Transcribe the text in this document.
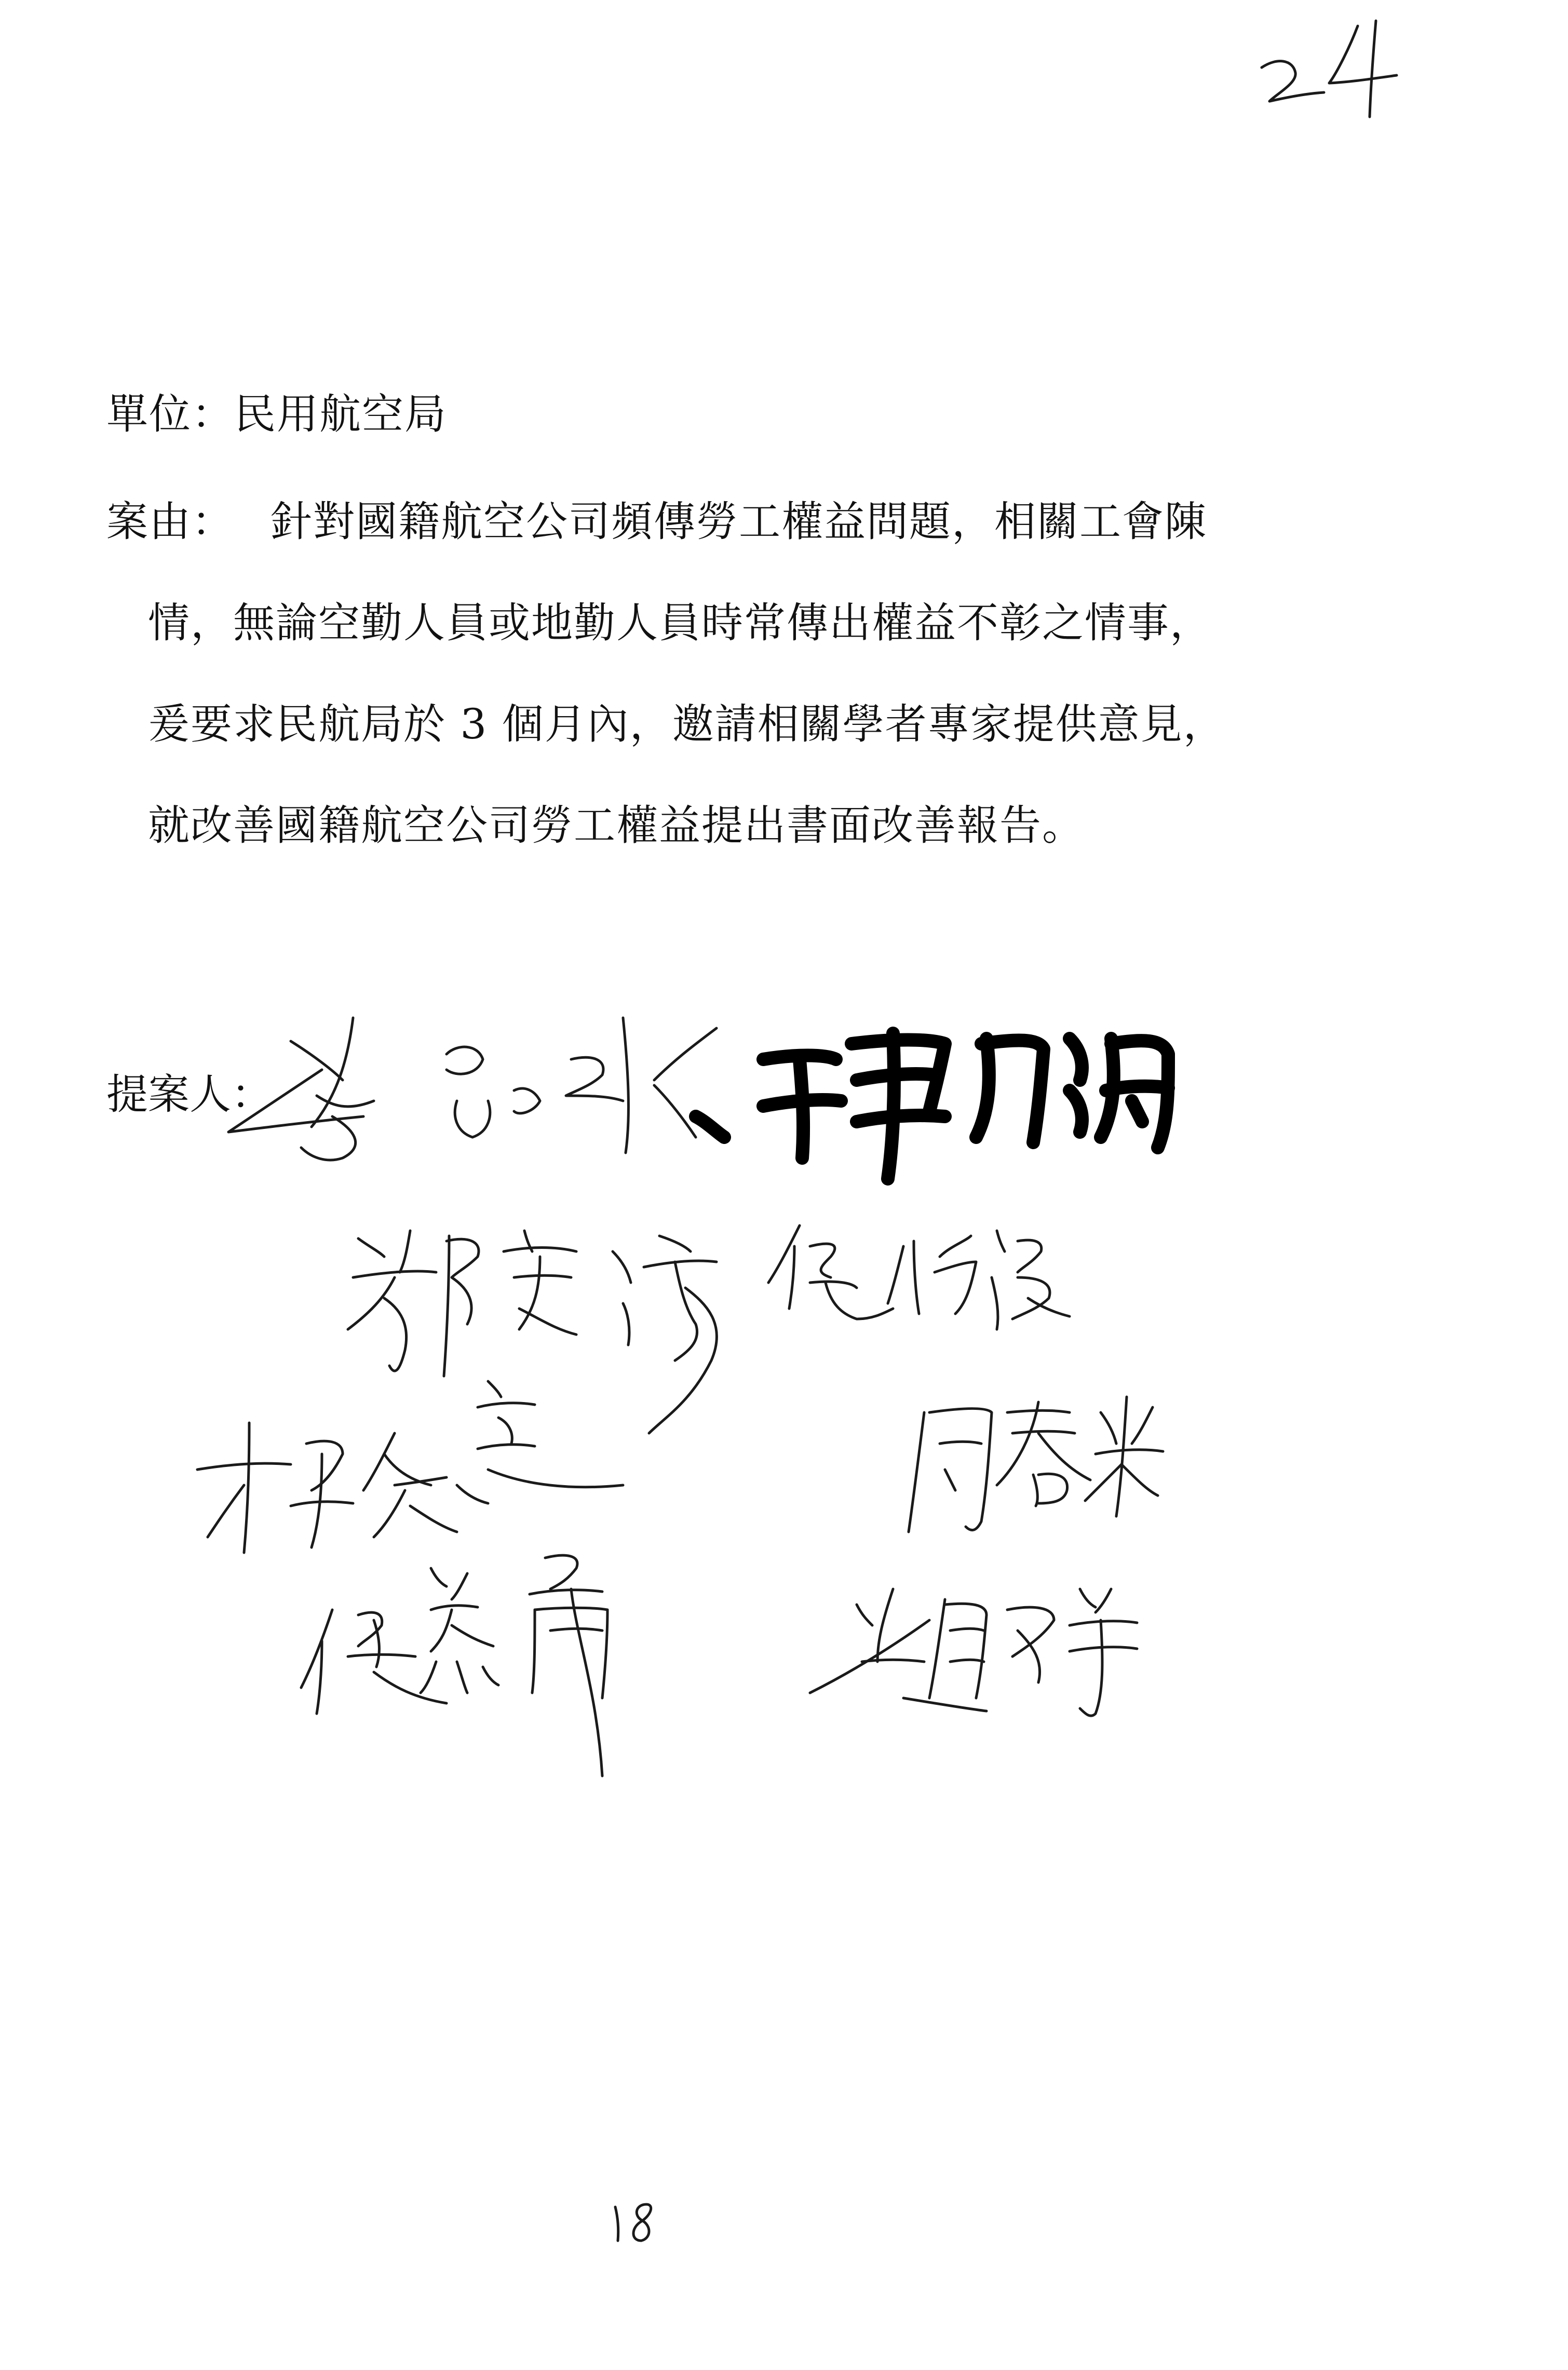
單位：民用航空局
案由： 針對國籍航空公司頻傳勞工權益問題，相關工會陳
情，無論空勤人員或地勤人員時常傳出權益不彰之情事，
爰要求民航局於 3 個月內，邀請相關學者專家提供意見，
就改善國籍航空公司勞工權益提出書面改善報告。
提案人：
